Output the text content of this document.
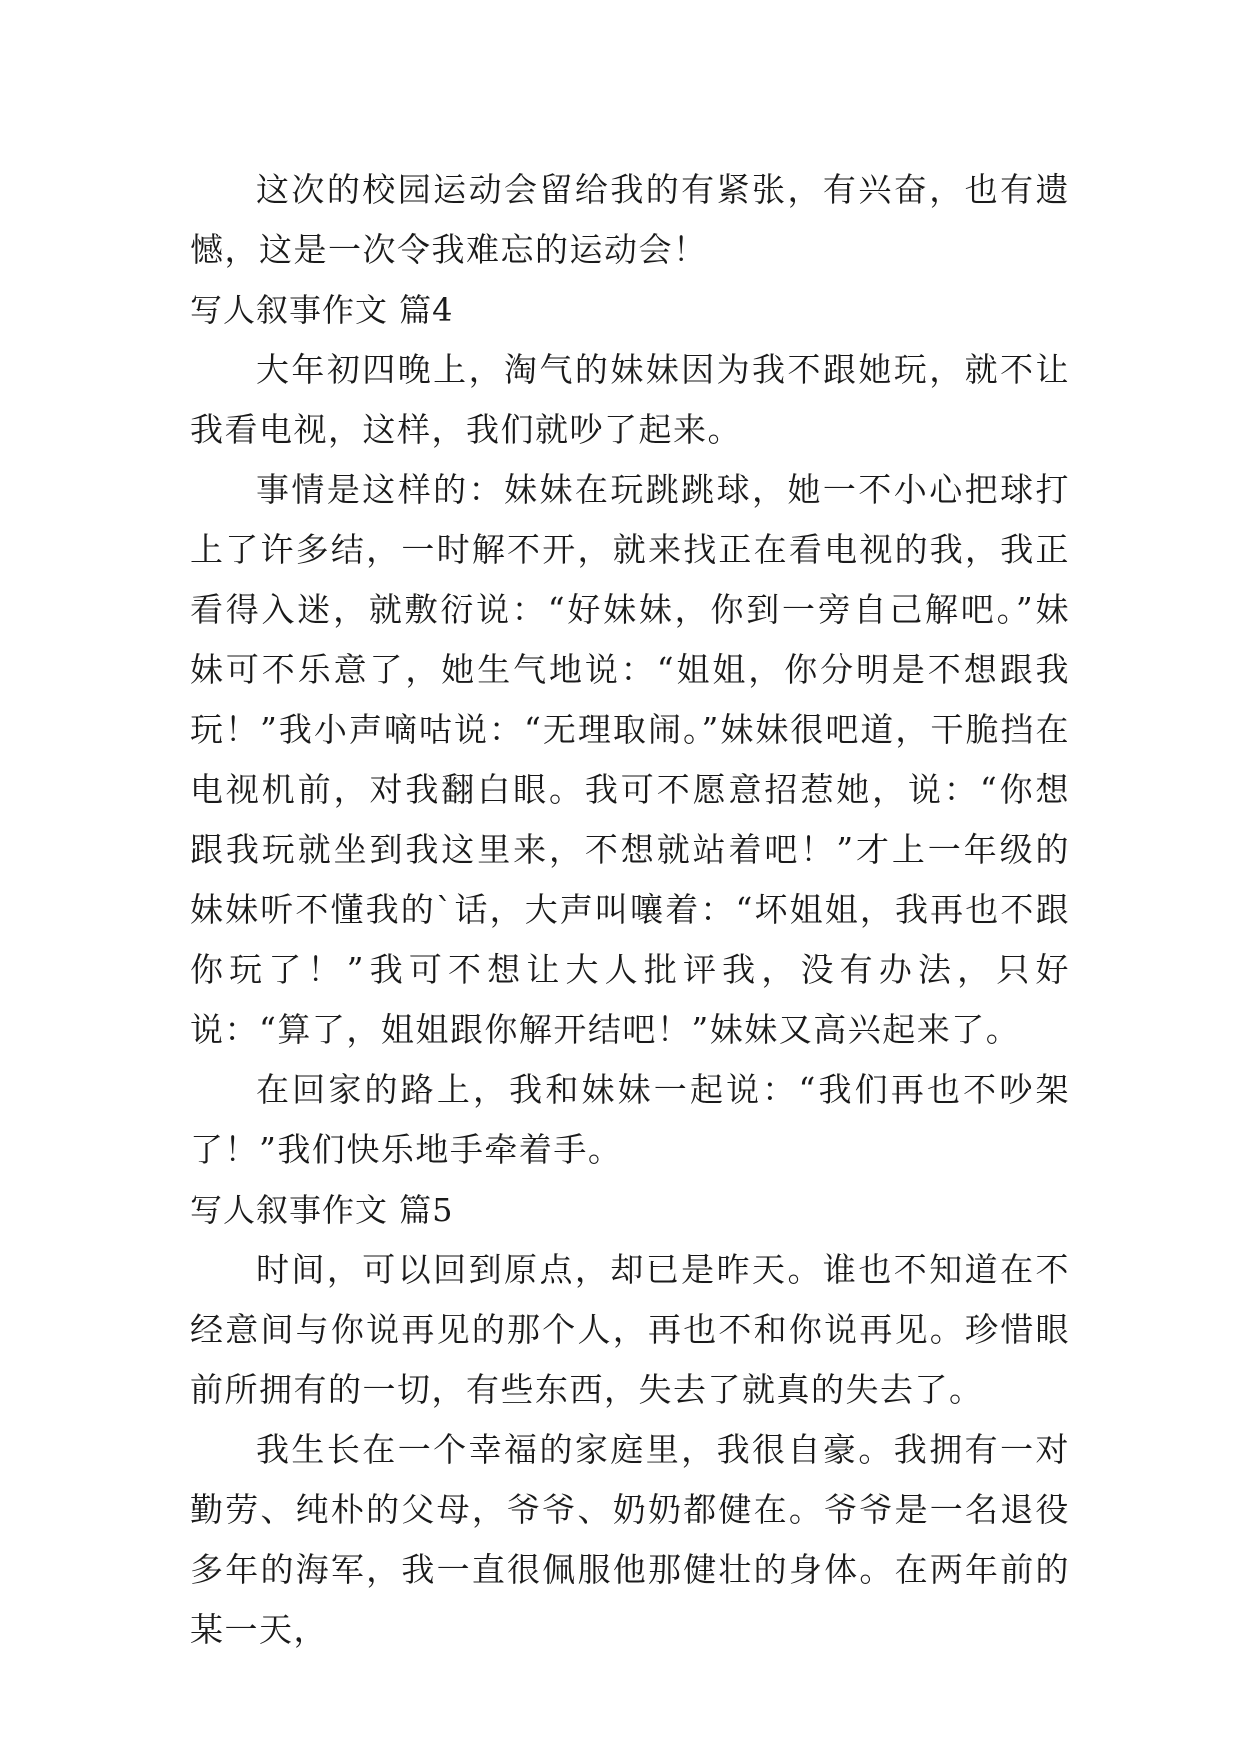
这次的校园运动会留给我的有紧张，有兴奋，也有遗憾，这是一次令我难忘的运动会！

写人叙事作文 篇4

大年初四晚上，淘气的妹妹因为我不跟她玩，就不让我看电视，这样，我们就吵了起来。

事情是这样的：妹妹在玩跳跳球，她一不小心把球打上了许多结，一时解不开，就来找正在看电视的我，我正看得入迷，就敷衍说：“好妹妹，你到一旁自己解吧。”妹妹可不乐意了，她生气地说：“姐姐，你分明是不想跟我玩！”我小声嘀咕说：“无理取闹。”妹妹很吧道，干脆挡在电视机前，对我翻白眼。我可不愿意招惹她，说：“你想跟我玩就坐到我这里来，不想就站着吧！”才上一年级的妹妹听不懂我的`话，大声叫嚷着：“坏姐姐，我再也不跟你玩了！”我可不想让大人批评我，没有办法，只好说：“算了，姐姐跟你解开结吧！”妹妹又高兴起来了。

在回家的路上，我和妹妹一起说：“我们再也不吵架了！”我们快乐地手牵着手。

写人叙事作文 篇5

时间，可以回到原点，却已是昨天。谁也不知道在不经意间与你说再见的那个人，再也不和你说再见。珍惜眼前所拥有的一切，有些东西，失去了就真的失去了。

我生长在一个幸福的家庭里，我很自豪。我拥有一对勤劳、纯朴的父母，爷爷、奶奶都健在。爷爷是一名退役多年的海军，我一直很佩服他那健壮的身体。在两年前的某一天，
